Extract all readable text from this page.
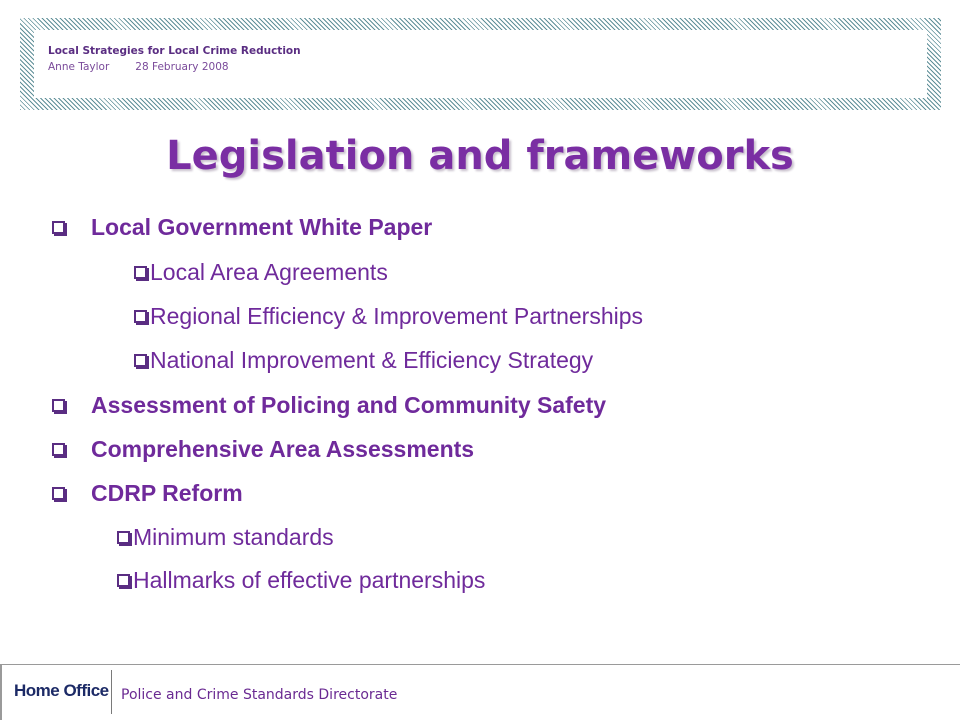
Local Strategies for Local Crime Reduction
Anne Taylor 28 February 2008
Legislation and frameworks
Local Government White Paper
Local Area Agreements
Regional Efficiency & Improvement Partnerships
National Improvement & Efficiency Strategy
Assessment of Policing and Community Safety
Comprehensive Area Assessments
CDRP Reform
Minimum standards
Hallmarks of effective partnerships
Home Office Police and Crime Standards Directorate
